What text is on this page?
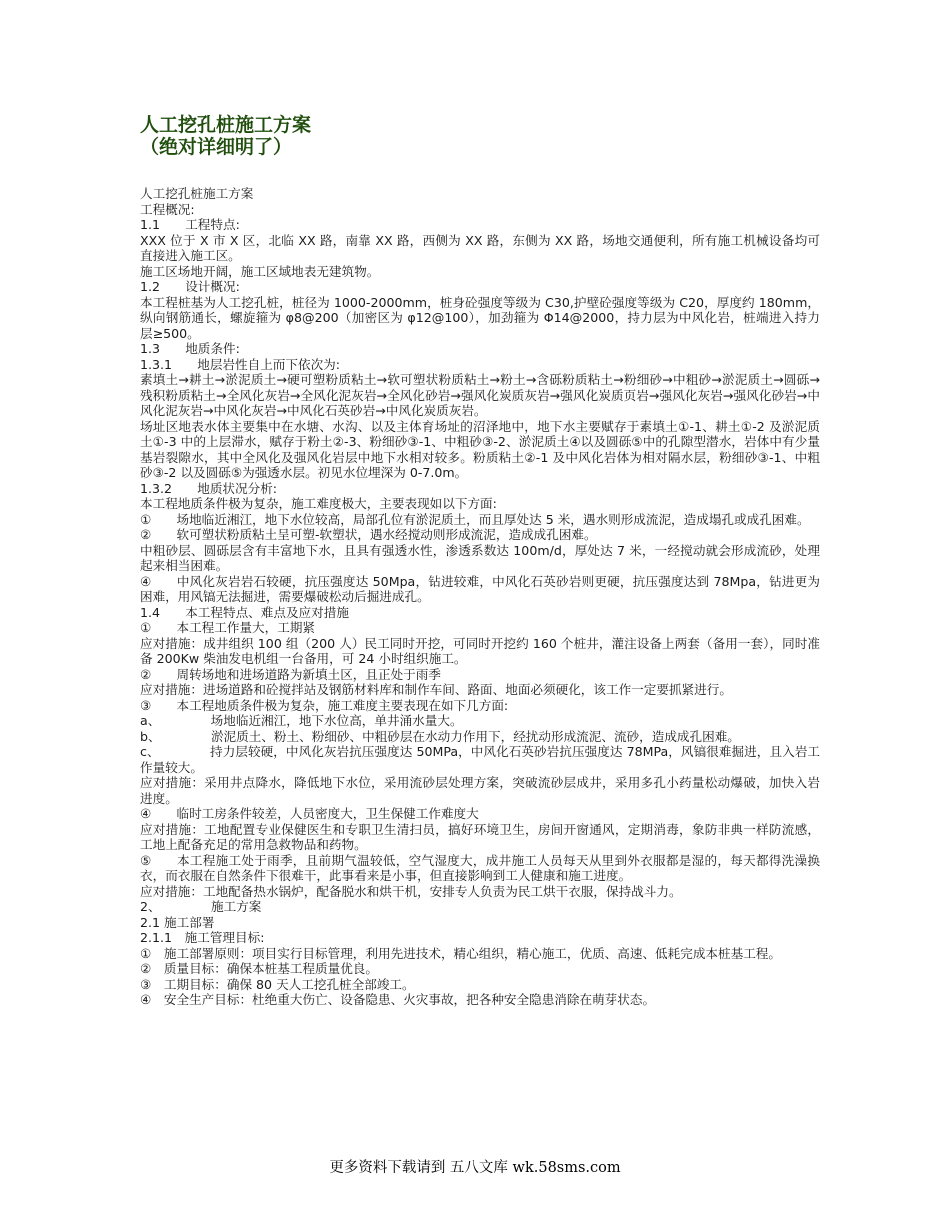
人工挖孔桩施工方案
（绝对详细明了）

人工挖孔桩施工方案

工程概况:

1.1  工程特点:

XXX 位于 X 市 X 区，北临 XX 路，南靠 XX 路，西侧为 XX 路，东侧为 XX 路，场地交通便利，所有施工机械设备均可直接进入施工区。

施工区场地开阔，施工区域地表无建筑物。

1.2  设计概况:

本工程桩基为人工挖孔桩，桩径为 1000-2000mm，桩身砼强度等级为 C30,护壁砼强度等级为 C20，厚度约 180mm，纵向钢筋通长，螺旋箍为 φ8@200（加密区为 φ12@100），加劲箍为 Φ14@2000，持力层为中风化岩，桩端进入持力层≥500。

1.3  地质条件:

1.3.1  地层岩性自上而下依次为:

素填土→耕土→淤泥质土→硬可塑粉质粘土→软可塑状粉质粘土→粉土→含砾粉质粘土→粉细砂→中粗砂→淤泥质土→圆砾→残积粉质粘土→全风化灰岩→全风化泥灰岩→全风化砂岩→强风化炭质灰岩→强风化炭质页岩→强风化灰岩→强风化砂岩→中风化泥灰岩→中风化灰岩→中风化石英砂岩→中风化炭质灰岩。

场址区地表水体主要集中在水塘、水沟、以及主体育场址的沼泽地中，地下水主要赋存于素填土①-1、耕土①-2 及淤泥质土①-3 中的上层滞水，赋存于粉土②-3、粉细砂③-1、中粗砂③-2、淤泥质土④以及圆砾⑤中的孔隙型潜水，岩体中有少量基岩裂隙水，其中全风化及强风化岩层中地下水相对较多。粉质粘土②-1 及中风化岩体为相对隔水层，粉细砂③-1、中粗砂③-2 以及圆砾⑤为强透水层。初见水位埋深为 0-7.0m。

1.3.2  地质状况分析:

本工程地质条件极为复杂，施工难度极大，主要表现如以下方面:

①  场地临近湘江，地下水位较高，局部孔位有淤泥质土，而且厚处达 5 米，遇水则形成流泥，造成塌孔或成孔困难。

②  软可塑状粉质粘土呈可塑-软塑状，遇水经搅动则形成流泥，造成成孔困难。

中粗砂层、圆砾层含有丰富地下水，且具有强透水性，渗透系数达 100m/d，厚处达 7 米，一经搅动就会形成流砂，处理起来相当困难。

④  中风化灰岩岩石较硬，抗压强度达 50Mpa，钻进较难，中风化石英砂岩则更硬，抗压强度达到 78Mpa，钻进更为困难，用风镐无法掘进，需要爆破松动后掘进成孔。

1.4  本工程特点、难点及应对措施

①  本工程工作量大，工期紧

应对措施：成井组织 100 组（200 人）民工同时开挖，可同时开挖约 160 个桩井，灌注设备上两套（备用一套），同时准备 200Kw 柴油发电机组一台备用，可 24 小时组织施工。

②  周转场地和进场道路为新填土区，且正处于雨季

应对措施：进场道路和砼搅拌站及钢筋材料库和制作车间、路面、地面必须硬化，该工作一定要抓紧进行。

③  本工程地质条件极为复杂，施工难度主要表现在如下几方面:

a、    场地临近湘江，地下水位高，单井涌水量大。

b、    淤泥质土、粉土、粉细砂、中粗砂层在水动力作用下，经扰动形成流泥、流砂，造成成孔困难。

c、    持力层较硬，中风化灰岩抗压强度达 50MPa，中风化石英砂岩抗压强度达 78MPa，风镐很难掘进，且入岩工作量较大。

应对措施：采用井点降水，降低地下水位，采用流砂层处理方案，突破流砂层成井，采用多孔小药量松动爆破，加快入岩进度。

④  临时工房条件较差，人员密度大，卫生保健工作难度大

应对措施：工地配置专业保健医生和专职卫生清扫员，搞好环境卫生，房间开窗通风，定期消毒，象防非典一样防流感，工地上配备充足的常用急救物品和药物。

⑤  本工程施工处于雨季，且前期气温较低，空气湿度大，成井施工人员每天从里到外衣服都是湿的，每天都得洗澡换衣，而衣服在自然条件下很难干，此事看来是小事，但直接影响到工人健康和施工进度。

应对措施：工地配备热水锅炉，配备脱水和烘干机，安排专人负责为民工烘干衣服，保持战斗力。

2、    施工方案

2.1 施工部署

2.1.1 施工管理目标:

① 施工部署原则：项目实行目标管理，利用先进技术，精心组织，精心施工，优质、高速、低耗完成本桩基工程。

② 质量目标：确保本桩基工程质量优良。

③ 工期目标：确保 80 天人工挖孔桩全部竣工。

④ 安全生产目标：杜绝重大伤亡、设备隐患、火灾事故，把各种安全隐患消除在萌芽状态。

更多资料下载请到 五八文库 wk.58sms.com
